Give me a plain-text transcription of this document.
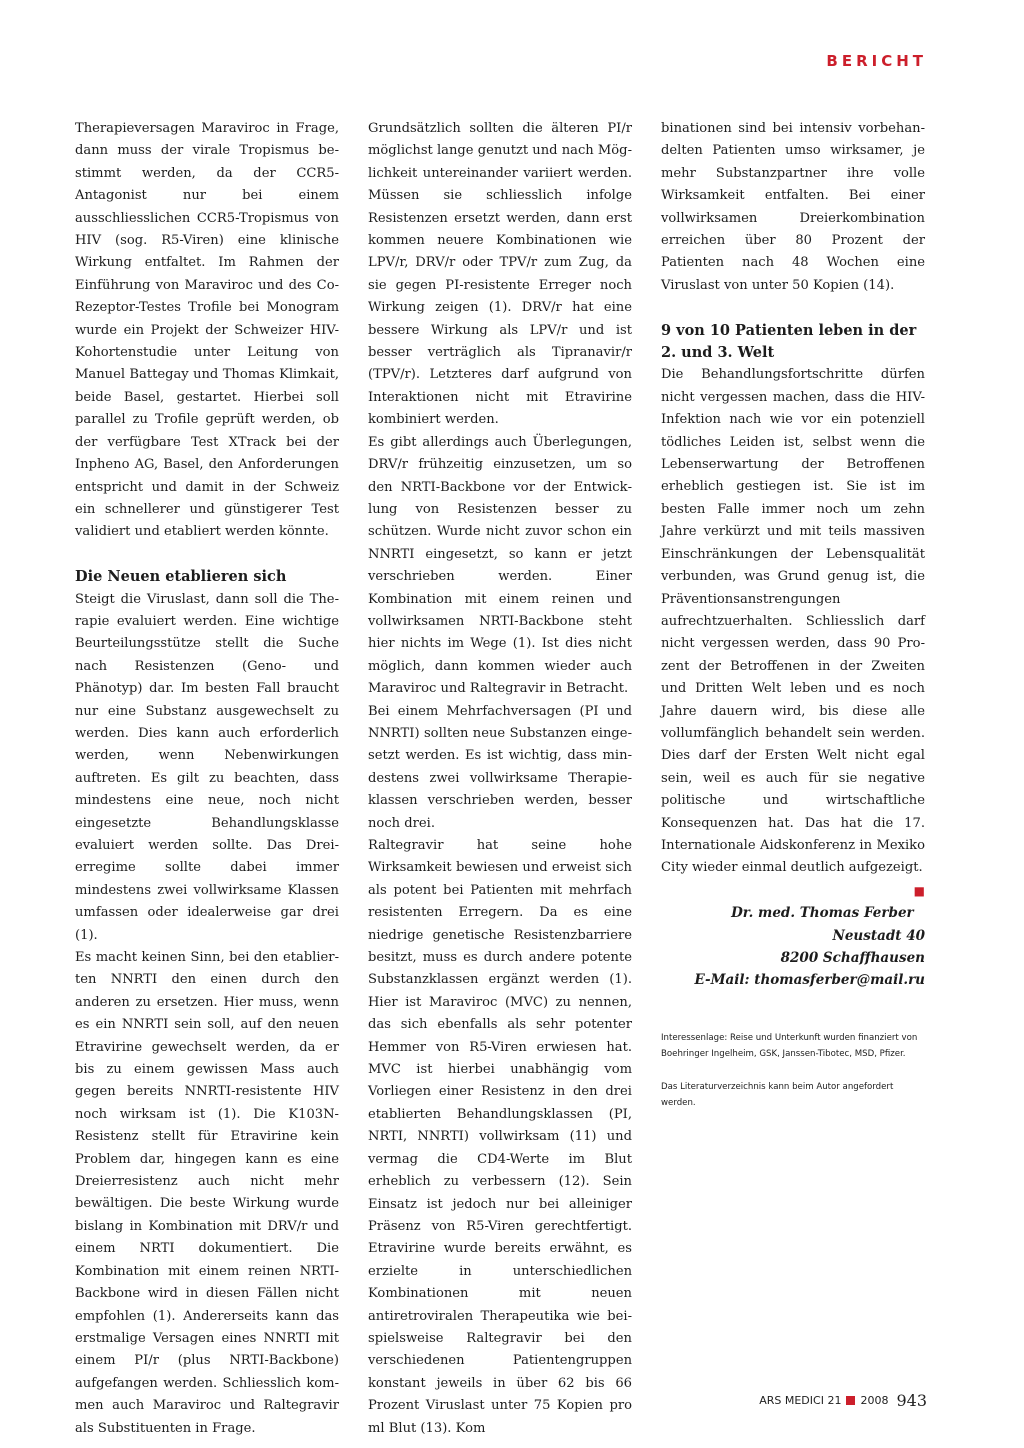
BERICHT

Therapieversagen Maraviroc in Frage, dann muss der virale Tropismus bestimmt werden, da der CCR5-Antagonist nur bei einem ausschliesslichen CCR5-Tropismus von HIV (sog. R5-Viren) eine klinische Wirkung entfaltet. Im Rahmen der Einführung von Maraviroc und des Co-Rezeptor-Testes Trofile bei Monogram wurde ein Projekt der Schweizer HIV-Kohortenstudie unter Leitung von Manuel Battegay und Thomas Klimkait, beide Basel, gestartet. Hierbei soll parallel zu Trofile geprüft werden, ob der verfügbare Test XTrack bei der Inpheno AG, Basel, den Anforderungen entspricht und damit in der Schweiz ein schnellerer und günstigerer Test validiert und etabliert werden könnte.

Die Neuen etablieren sich

Steigt die Viruslast, dann soll die Therapie evaluiert werden. Eine wichtige Beurteilungsstütze stellt die Suche nach Resistenzen (Geno- und Phänotyp) dar. Im besten Fall braucht nur eine Substanz ausgewechselt zu werden. Dies kann auch erforderlich werden, wenn Nebenwirkungen auftreten. Es gilt zu beachten, dass mindestens eine neue, noch nicht eingesetzte Behandlungsklasse evaluiert werden sollte. Das Dreierregime sollte dabei immer mindestens zwei vollwirksame Klassen umfassen oder idealerweise gar drei (1).

Es macht keinen Sinn, bei den etablierten NNRTI den einen durch den anderen zu ersetzen. Hier muss, wenn es ein NNRTI sein soll, auf den neuen Etravirine gewechselt werden, da er bis zu einem gewissen Mass auch gegen bereits NNRTI-resistente HIV noch wirksam ist (1). Die K103N-Resistenz stellt für Etravirine kein Problem dar, hingegen kann es eine Dreierresistenz auch nicht mehr bewältigen. Die beste Wirkung wurde bislang in Kombination mit DRV/r und einem NRTI dokumentiert. Die Kombination mit einem reinen NRTI-Backbone wird in diesen Fällen nicht empfohlen (1). Andererseits kann das erstmalige Versagen eines NNRTI mit einem PI/r (plus NRTI-Backbone) aufgefangen werden. Schliesslich kommen auch Maraviroc und Raltegravir als Substituenten in Frage.

Grundsätzlich sollten die älteren PI/r möglichst lange genutzt und nach Möglichkeit untereinander variiert werden. Müssen sie schliesslich infolge Resistenzen ersetzt werden, dann erst kommen neuere Kombinationen wie LPV/r, DRV/r oder TPV/r zum Zug, da sie gegen PI-resistente Erreger noch Wirkung zeigen (1). DRV/r hat eine bessere Wirkung als LPV/r und ist besser verträglich als Tipranavir/r (TPV/r). Letzteres darf aufgrund von Interaktionen nicht mit Etravirine kombiniert werden.

Es gibt allerdings auch Überlegungen, DRV/r frühzeitig einzusetzen, um so den NRTI-Backbone vor der Entwicklung von Resistenzen besser zu schützen. Wurde nicht zuvor schon ein NNRTI eingesetzt, so kann er jetzt verschrieben werden. Einer Kombination mit einem reinen und vollwirksamen NRTI-Backbone steht hier nichts im Wege (1). Ist dies nicht möglich, dann kommen wieder auch Maraviroc und Raltegravir in Betracht.

Bei einem Mehrfachversagen (PI und NNRTI) sollten neue Substanzen eingesetzt werden. Es ist wichtig, dass mindestens zwei vollwirksame Therapieklassen verschrieben werden, besser noch drei.

Raltegravir hat seine hohe Wirksamkeit bewiesen und erweist sich als potent bei Patienten mit mehrfach resistenten Erregern. Da es eine niedrige genetische Resistenzbarriere besitzt, muss es durch andere potente Substanzklassen ergänzt werden (1). Hier ist Maraviroc (MVC) zu nennen, das sich ebenfalls als sehr potenter Hemmer von R5-Viren erwiesen hat. MVC ist hierbei unabhängig vom Vorliegen einer Resistenz in den drei etablierten Behandlungsklassen (PI, NRTI, NNRTI) vollwirksam (11) und vermag die CD4-Werte im Blut erheblich zu verbessern (12). Sein Einsatz ist jedoch nur bei alleiniger Präsenz von R5-Viren gerechtfertigt. Etravirine wurde bereits erwähnt, es erzielte in unterschiedlichen Kombinationen mit neuen antiretroviralen Therapeutika wie beispielsweise Raltegravir bei den verschiedenen Patientengruppen konstant jeweils in über 62 bis 66 Prozent Viruslast unter 75 Kopien pro ml Blut (13). Kom

binationen sind bei intensiv vorbehandelten Patienten umso wirksamer, je mehr Substanzpartner ihre volle Wirksamkeit entfalten. Bei einer vollwirksamen Dreierkombination erreichen über 80 Prozent der Patienten nach 48 Wochen eine Viruslast von unter 50 Kopien (14).

9 von 10 Patienten leben in der 2. und 3. Welt

Die Behandlungsfortschritte dürfen nicht vergessen machen, dass die HIV-Infektion nach wie vor ein potenziell tödliches Leiden ist, selbst wenn die Lebenserwartung der Betroffenen erheblich gestiegen ist. Sie ist im besten Falle immer noch um zehn Jahre verkürzt und mit teils massiven Einschränkungen der Lebensqualität verbunden, was Grund genug ist, die Präventionsanstrengungen aufrechtzuerhalten. Schliesslich darf nicht vergessen werden, dass 90 Prozent der Betroffenen in der Zweiten und Dritten Welt leben und es noch Jahre dauern wird, bis diese alle vollumfänglich behandelt sein werden. Dies darf der Ersten Welt nicht egal sein, weil es auch für sie negative politische und wirtschaftliche Konsequenzen hat. Das hat die 17. Internationale Aidskonferenz in Mexiko City wieder einmal deutlich aufgezeigt.
■

Dr. med. Thomas Ferber
Neustadt 40
8200 Schaffhausen
E-Mail: thomasferber@mail.ru

Interessenlage: Reise und Unterkunft wurden finanziert von Boehringer Ingelheim, GSK, Janssen-Tibotec, MSD, Pfizer.

Das Literaturverzeichnis kann beim Autor angefordert werden.

ARS MEDICI 21 2008 943
